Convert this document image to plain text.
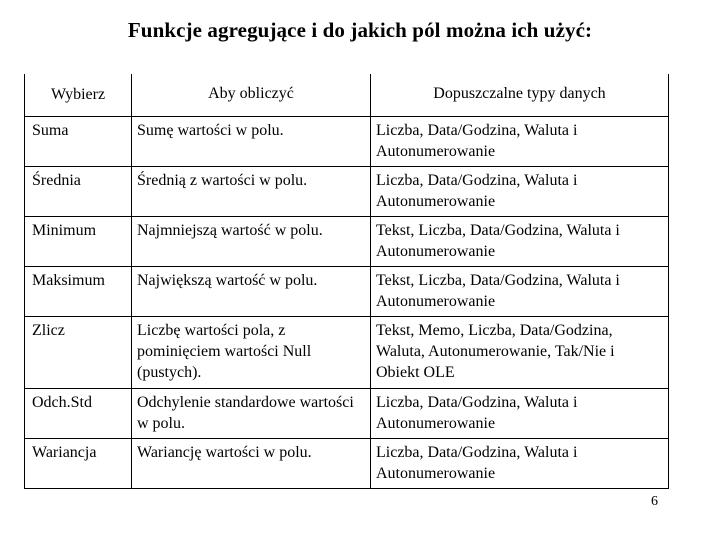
Funkcje agregujące i do jakich pól można ich użyć:
Wybierz	Aby obliczyć	Dopuszczalne typy danych
Suma	Sumę wartości w polu.	Liczba, Data/Godzina, Waluta i Autonumerowanie
Średnia	Średnią z wartości w polu.	Liczba, Data/Godzina, Waluta i Autonumerowanie
Minimum	Najmniejszą wartość w polu.	Tekst, Liczba, Data/Godzina, Waluta i Autonumerowanie
Maksimum	Największą wartość w polu.	Tekst, Liczba, Data/Godzina, Waluta i Autonumerowanie
Zlicz	Liczbę wartości pola, z pominięciem wartości Null (pustych).	Tekst, Memo, Liczba, Data/Godzina, Waluta, Autonumerowanie, Tak/Nie i Obiekt OLE
Odch.Std	Odchylenie standardowe wartości w polu.	Liczba, Data/Godzina, Waluta i Autonumerowanie
Wariancja	Wariancję wartości w polu.	Liczba, Data/Godzina, Waluta i Autonumerowanie
6
